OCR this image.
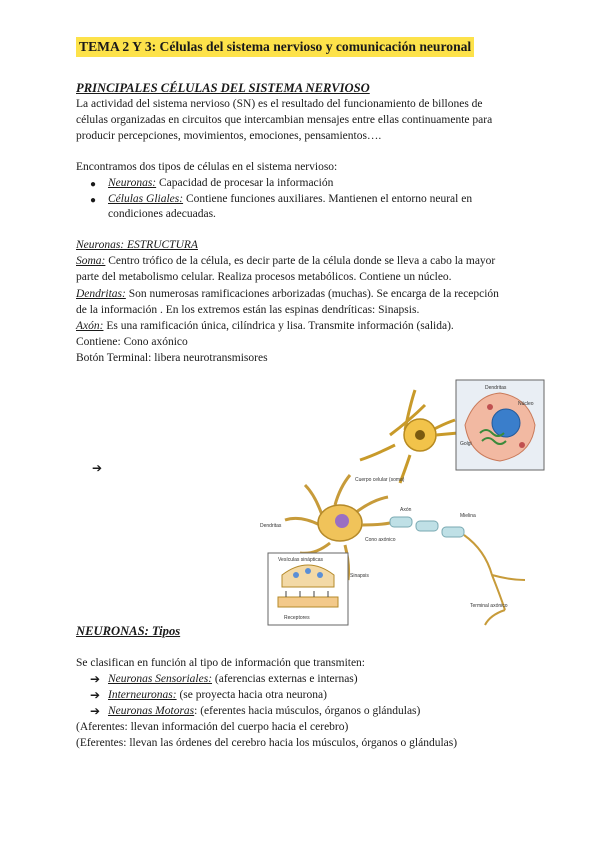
TEMA 2 Y 3: Células del sistema nervioso y comunicación neuronal
PRINCIPALES CÉLULAS DEL SISTEMA NERVIOSO
La actividad del sistema nervioso (SN) es el resultado del funcionamiento de billones de
células organizadas en circuitos que intercambian mensajes entre ellas continuamente para
producir percepciones, movimientos, emociones, pensamientos….
Encontramos dos tipos de células en el sistema nervioso:
● Neuronas: Capacidad de procesar la información
● Células Gliales: Contiene funciones auxiliares. Mantienen el entorno neural en
condiciones adecuadas.
Neuronas: ESTRUCTURA
Soma: Centro trófico de la célula, es decir parte de la célula donde se lleva a cabo la mayor
parte del metabolismo celular. Realiza procesos metabólicos. Contiene un núcleo.
Dendritas: Son numerosas ramificaciones arborizadas (muchas). Se encarga de la recepción
de la información . En los extremos están las espinas dendríticas: Sinapsis.
Axón: Es una ramificación única, cilíndrica y lisa. Transmite información (salida).
Contiene: Cono axónico
Botón Terminal: libera neurotransmisores
➔
Dendritas
Núcleo
Golgi
Cuerpo celular (soma)
Axón
Cono axónico
Dendritas
Mielina
Terminal axónico
Vesículas sinápticas
Sinapsis
Receptores
NEURONAS: Tipos
Se clasifican en función al tipo de información que transmiten:
➔ Neuronas Sensoriales: (aferencias externas e internas)
➔ Interneuronas: (se proyecta hacia otra neurona)
➔ Neuronas Motoras: (eferentes hacia músculos, órganos o glándulas)
(Aferentes: llevan información del cuerpo hacia el cerebro)
(Eferentes: llevan las órdenes del cerebro hacia los músculos, órganos o glándulas)
